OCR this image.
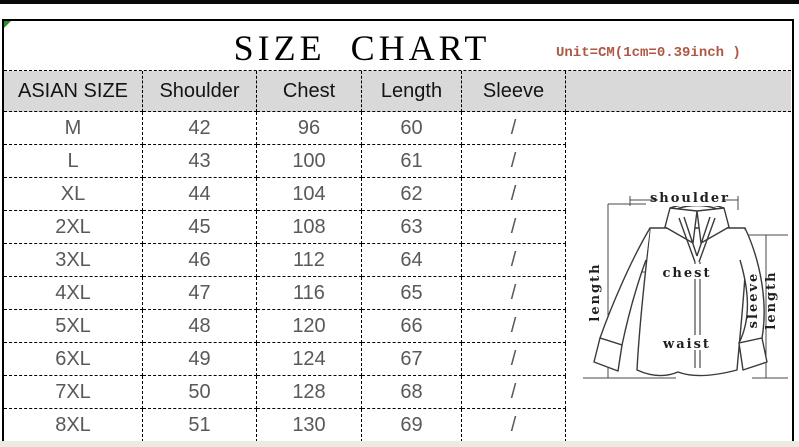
SIZE CHART	Unit=CM(1cm=0.39inch )
ASIAN SIZE	Shoulder	Chest	Length	Sleeve
M	42	96	60	/
shoulder
chest
waist
length	sleeve length
L	43	100	61	/
XL	44	104	62	/
2XL	45	108	63	/
3XL	46	112	64	/
4XL	47	116	65	/
5XL	48	120	66	/
6XL	49	124	67	/
7XL	50	128	68	/
8XL	51	130	69	/
